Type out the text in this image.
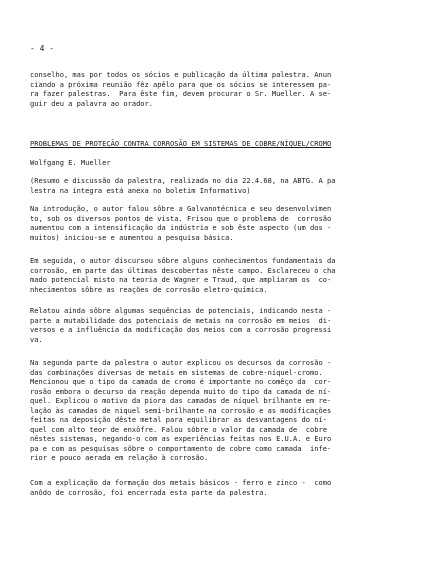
- 4 -
conselho, mas por todos os sócios e publicação da última palestra. Anun
ciando a próxima reunião fêz apêlo para que os sócios se interessem pa-
ra fazer palestras.  Para êste fim, devem procurar o Sr. Mueller. A se-
guir deu a palavra ao orador.
PROBLEMAS DE PROTEÇÃO CONTRA CORROSÃO EM SISTEMAS DE COBRE/NÍQUEL/CROMO
Wolfgang E. Mueller
(Resumo e discussão da palestra, realizada no dia 22.4.68, na ABTG. A pa
lestra na íntegra está anexa no boletim Informativo)
Na introdução, o autor falou sôbre a Galvanotécnica e seu desenvolvimen
to, sob os diversos pontos de vista. Frisou que o problema de  corrosão
aumentou com a intensificação da indústria e sob êste aspecto (um dos -
muitos) iniciou-se e aumentou a pesquisa básica.
Em seguida, o autor discursou sôbre alguns conhecimentos fundamentais da
corrosão, em parte das últimas descobertas nêste campo. Esclareceu o cha
mado potencial misto na teoria de Wagner e Traud, que ampliaram os  co-
nhecimentos sôbre as reações de corrosão eletro-química.
Relatou ainda sôbre algumas sequências de potenciais, indicando nesta -
parte a mutabilidade dos potenciais de metais na corrosão em meios  di-
versos e a influência da modificação dos meios com a corrosão progressi
va.
Na segunda parte da palestra o autor explicou os decursos da corrosão -
das combinações diversas de metais em sistemas de cobre-níquel-cromo.
Mencionou que o tipo da camada de cromo é importante no comêço da  cor-
rosão embora o decurso da reação dependa muito do tipo da camada de ní-
quel. Explicou o motivo da piora das camadas de níquel brilhante em re-
lação às camadas de níquel semi-brilhante na corrosão e as modificações
feitas na deposição dêste metal para equilibrar as desvantagens do ní-
quel com alto teor de enxôfre. Falou sôbre o valor da camada de  cobre
nêstes sistemas, negando-o com as experiências feitas nos E.U.A. e Euro
pa e com as pesquisas sôbre o comportamento de cobre como camada  infe-
rior e pouco aerada em relação à corrosão.
Com a explicação da formação dos metais básicos - ferro e zinco -  como
anôdo de corrosão, foi encerrada esta parte da palestra.
